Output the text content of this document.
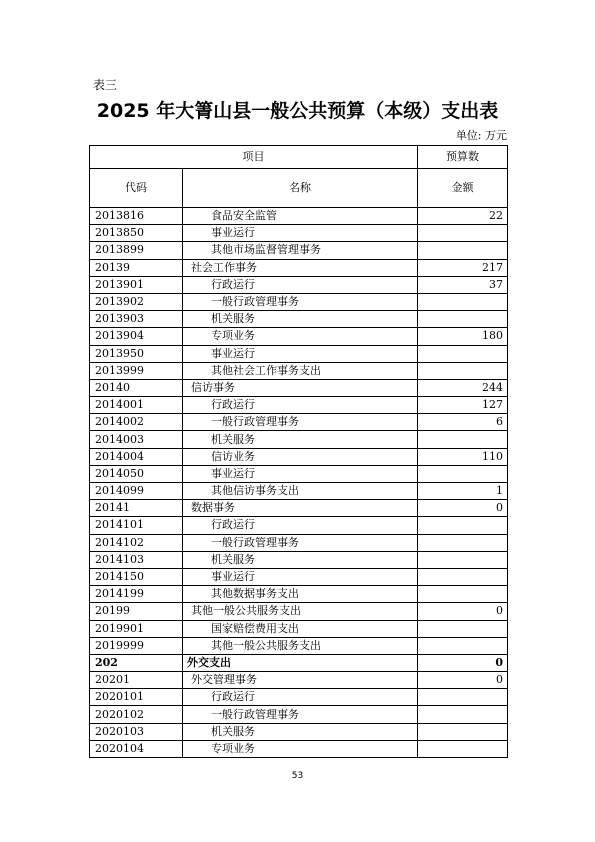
表三
2025 年大箐山县一般公共预算（本级）支出表
单位: 万元
项目		预算数
代码	名称	金额
2013816	食品安全监管	22
2013850	事业运行	
2013899	其他市场监督管理事务	
20139	社会工作事务	217
2013901	行政运行	37
2013902	一般行政管理事务	
2013903	机关服务	
2013904	专项业务	180
2013950	事业运行	
2013999	其他社会工作事务支出	
20140	信访事务	244
2014001	行政运行	127
2014002	一般行政管理事务	6
2014003	机关服务	
2014004	信访业务	110
2014050	事业运行	
2014099	其他信访事务支出	1
20141	数据事务	0
2014101	行政运行	
2014102	一般行政管理事务	
2014103	机关服务	
2014150	事业运行	
2014199	其他数据事务支出	
20199	其他一般公共服务支出	0
2019901	国家赔偿费用支出	
2019999	其他一般公共服务支出	
202	外交支出	0
20201	外交管理事务	0
2020101	行政运行	
2020102	一般行政管理事务	
2020103	机关服务	
2020104	专项业务	
53
